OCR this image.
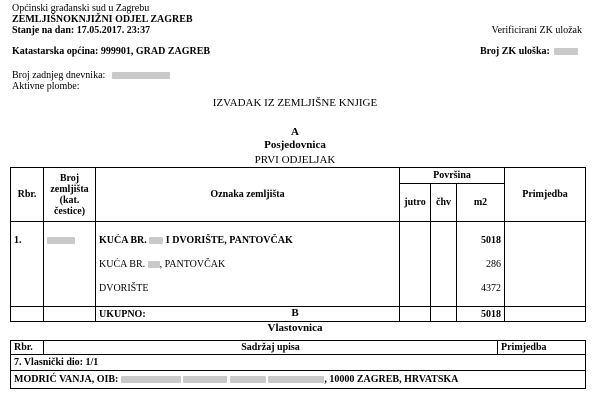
Općinski građanski sud u Zagrebu
ZEMLJIŠNOKNJIŽNI ODJEL ZAGREB
Stanje na dan: 17.05.2017. 23:37	Verificirani ZK uložak
Katastarska općina: 999901, GRAD ZAGREB	Broj ZK uloška:
Broj zadnjeg dnevnika:
Aktivne plombe:
IZVADAK IZ ZEMLJIŠNE KNJIGE
A
Posjedovnica
PRVI ODJELJAK
Rbr.	Broj
zemljišta
(kat.
čestice)	Oznaka zemljišta	Površina			Primjedba
			jutro	čhv	m2	

1.		KUĆA BR. I DVORIŠTE, PANTOVČAK			5018	

		KUĆA BR. , PANTOVČAK			286	

		DVORIŠTE			4372	

		UKUPNO:			5018	
B
Vlastovnica
Rbr.	Sadržaj upisa	Primjedba
7. Vlasnički dio: 1/1
MODRIĆ VANJA, OIB:	, 10000 ZAGREB, HRVATSKA
